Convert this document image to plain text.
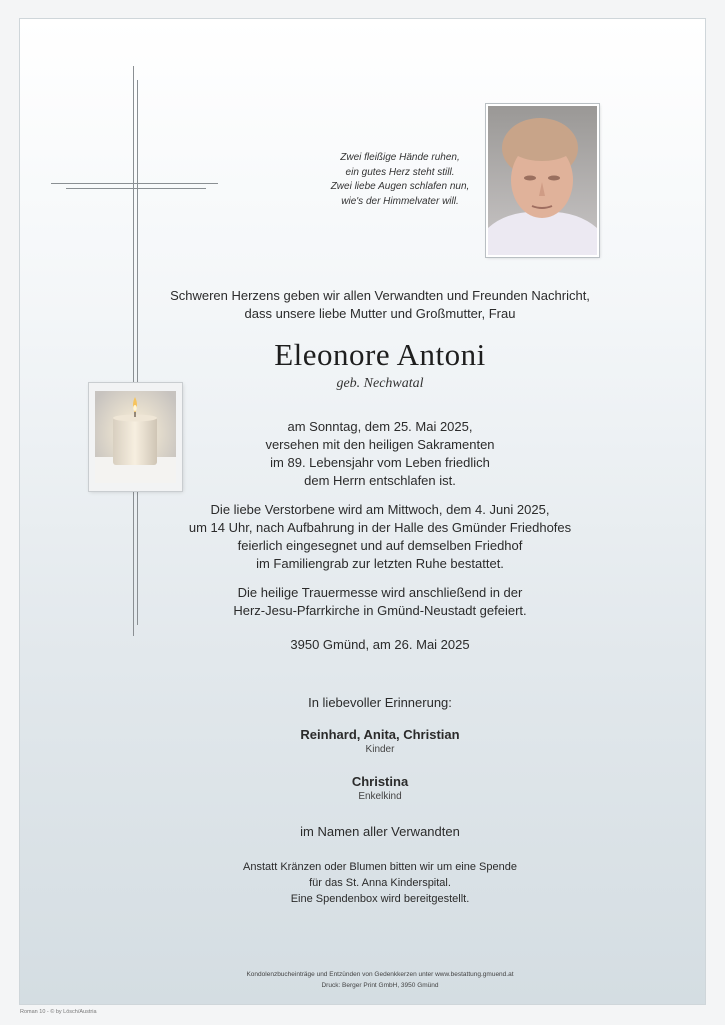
Zwei fleißige Hände ruhen,
ein gutes Herz steht still.
Zwei liebe Augen schlafen nun,
wie's der Himmelvater will.
Schweren Herzens geben wir allen Verwandten und Freunden Nachricht,
dass unsere liebe Mutter und Großmutter, Frau
Eleonore Antoni
geb. Nechwatal
am Sonntag, dem 25. Mai 2025,
versehen mit den heiligen Sakramenten
im 89. Lebensjahr vom Leben friedlich
dem Herrn entschlafen ist.
Die liebe Verstorbene wird am Mittwoch, dem 4. Juni 2025,
um 14 Uhr, nach Aufbahrung in der Halle des Gmünder Friedhofes
feierlich eingesegnet und auf demselben Friedhof
im Familiengrab zur letzten Ruhe bestattet.
Die heilige Trauermesse wird anschließend in der
Herz-Jesu-Pfarrkirche in Gmünd-Neustadt gefeiert.
3950 Gmünd, am 26. Mai 2025
In liebevoller Erinnerung:
Reinhard, Anita, Christian
Kinder
Christina
Enkelkind
im Namen aller Verwandten
Anstatt Kränzen oder Blumen bitten wir um eine Spende
für das St. Anna Kinderspital.
Eine Spendenbox wird bereitgestellt.
Kondolenzbucheinträge und Entzünden von Gedenkkerzen unter www.bestattung.gmuend.at
Druck: Berger Print GmbH, 3950 Gmünd
Roman 10 - © by Lösch/Austria
